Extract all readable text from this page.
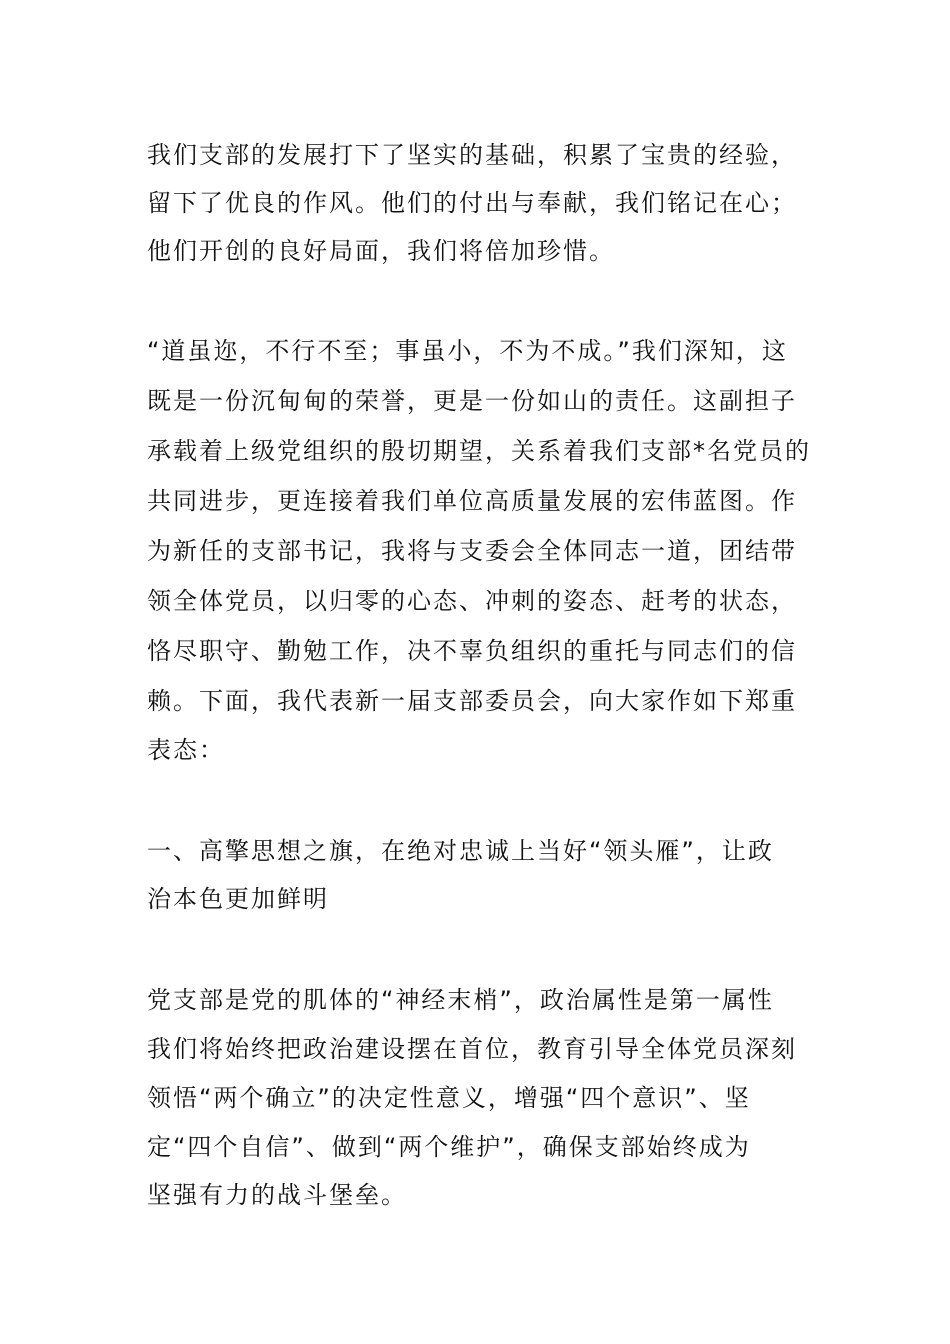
我们支部的发展打下了坚实的基础，积累了宝贵的经验，
留下了优良的作风。他们的付出与奉献，我们铭记在心；
他们开创的良好局面，我们将倍加珍惜。
“道虽迩，不行不至；事虽小，不为不成。”我们深知，这
既是一份沉甸甸的荣誉，更是一份如山的责任。这副担子
承载着上级党组织的殷切期望，关系着我们支部*名党员的
共同进步，更连接着我们单位高质量发展的宏伟蓝图。作
为新任的支部书记，我将与支委会全体同志一道，团结带
领全体党员，以归零的心态、冲刺的姿态、赶考的状态，
恪尽职守、勤勉工作，决不辜负组织的重托与同志们的信
赖。下面，我代表新一届支部委员会，向大家作如下郑重
表态：
一、高擎思想之旗，在绝对忠诚上当好“领头雁”，让政
治本色更加鲜明
党支部是党的肌体的“神经末梢”，政治属性是第一属性
我们将始终把政治建设摆在首位，教育引导全体党员深刻
领悟“两个确立”的决定性意义，增强“四个意识”、坚
定“四个自信”、做到“两个维护”，确保支部始终成为
坚强有力的战斗堡垒。
